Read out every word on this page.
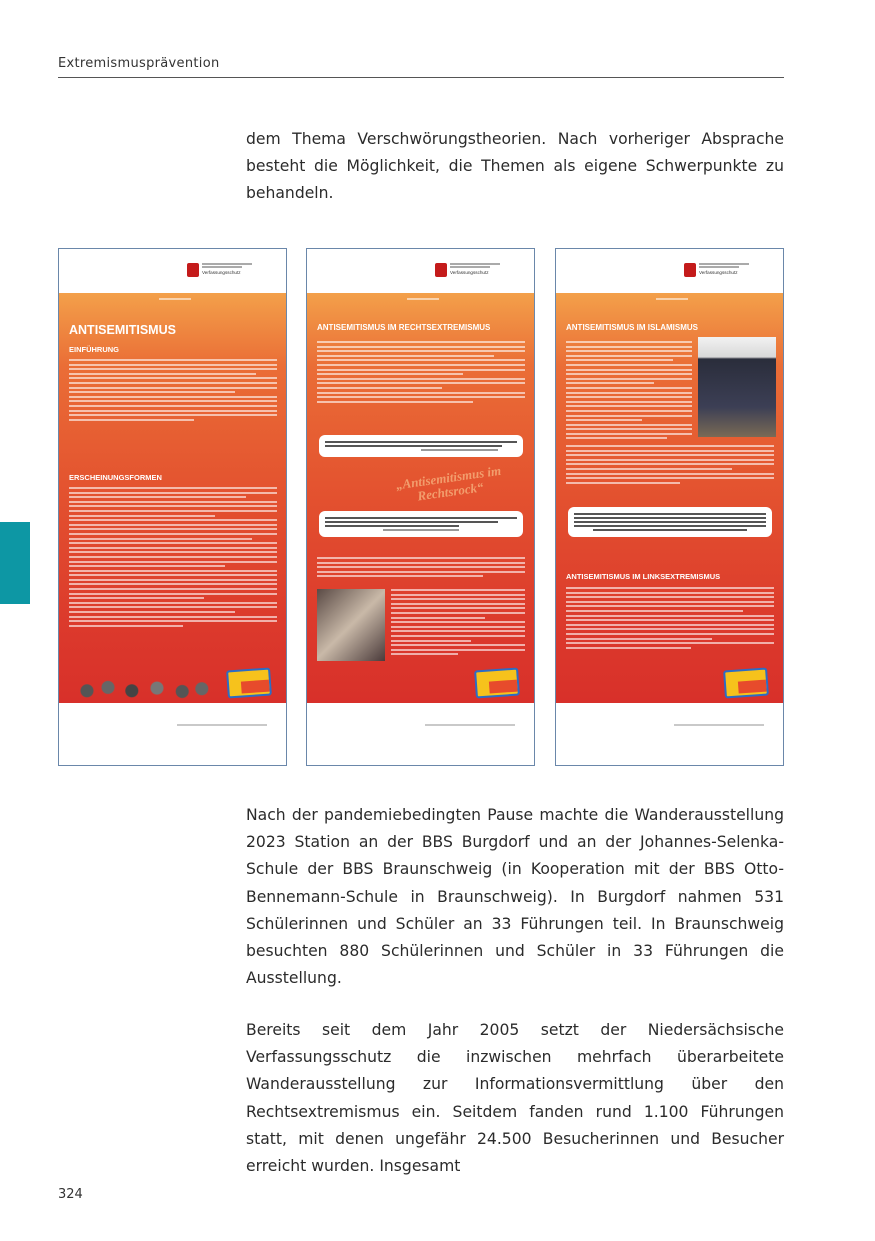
Extremismusprävention

dem Thema Verschwörungstheorien. Nach vorheriger Absprache besteht die Möglichkeit, die Themen als eigene Schwerpunkte zu behandeln.

Verfassungsschutz
ANTISEMITISMUS
EINFÜHRUNG
ERSCHEINUNGSFORMEN
Verfassungsschutz
ANTISEMITISMUS IM RECHTSEXTREMISMUS
„Antisemitismus im Rechtsrock“
Verfassungsschutz
ANTISEMITISMUS IM ISLAMISMUS
ANTISEMITISMUS IM LINKSEXTREMISMUS

Nach der pandemiebedingten Pause machte die Wanderausstellung 2023 Station an der BBS Burgdorf und an der Johannes-Selenka-Schule der BBS Braunschweig (in Kooperation mit der BBS Otto-Bennemann-Schule in Braunschweig). In Burgdorf nahmen 531 Schülerinnen und Schüler an 33 Führungen teil. In Braunschweig besuchten 880 Schülerinnen und Schüler in 33 Führungen die Ausstellung.

Bereits seit dem Jahr 2005 setzt der Niedersächsische Verfassungsschutz die inzwischen mehrfach überarbeitete Wanderausstellung zur Informationsvermittlung über den Rechtsextremismus ein. Seitdem fanden rund 1.100 Führungen statt, mit denen ungefähr 24.500 Besucherinnen und Besucher erreicht wurden. Insgesamt

324
